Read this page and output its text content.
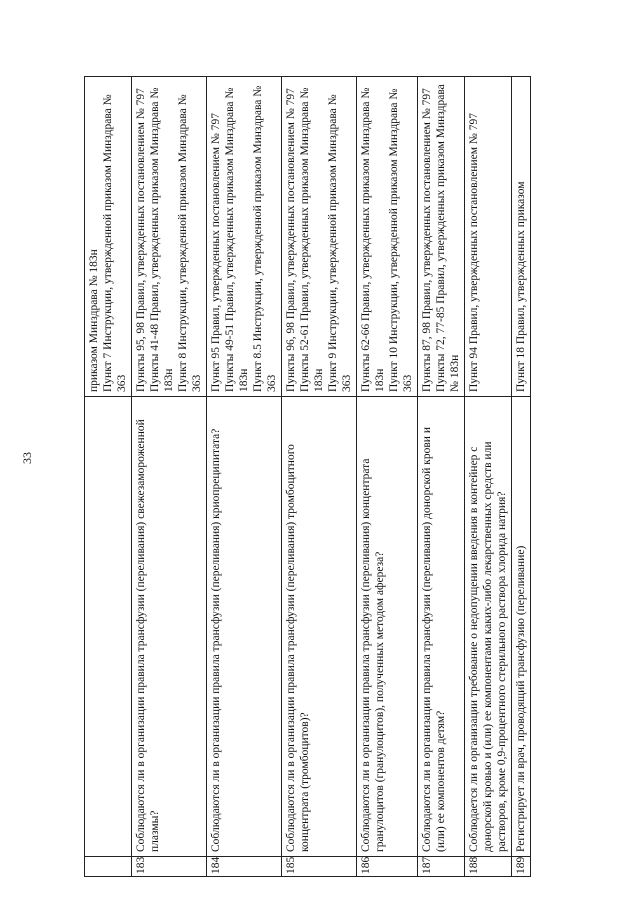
33

		приказом Минздрава № 183н Пункт 7 Инструкции, утвержденной приказом Минздрава № 363

183	Соблюдаются ли в организации правила трансфузии (переливания) свежезамороженной плазмы?	Пункты 95, 98 Правил, утвержденных постановлением № 797 Пункты 41-48 Правил, утвержденных приказом Минздрава № 183н Пункт 8 Инструкции, утвержденной приказом Минздрава № 363

184	Соблюдаются ли в организации правила трансфузии (переливания) криопреципитата?	Пункт 95 Правил, утвержденных постановлением № 797 Пункты 49-51 Правил, утвержденных приказом Минздрава № 183н Пункт 8.5 Инструкции, утвержденной приказом Минздрава № 363

185	Соблюдаются ли в организации правила трансфузии (переливания) тромбоцитного концентрата (тромбоцитов)?	Пункты 96, 98 Правил, утвержденных постановлением № 797 Пункты 52-61 Правил, утвержденных приказом Минздрава № 183н Пункт 9 Инструкции, утвержденной приказом Минздрава № 363

186	Соблюдаются ли в организации правила трансфузии (переливания) концентрата гранулоцитов (гранулоцитов), полученных методом афереза?	Пункты 62-66 Правил, утвержденных приказом Минздрава № 183н Пункт 10 Инструкции, утвержденной приказом Минздрава № 363

187	Соблюдаются ли в организации правила трансфузии (переливания) донорской крови и (или) ее компонентов детям?	Пункты 87, 98 Правил, утвержденных постановлением № 797 Пункты 72, 77-85 Правил, утвержденных приказом Минздрава № 183н

188	Соблюдается ли в организации требование о недопущении введения в контейнер с донорской кровью и (или) ее компонентами каких-либо лекарственных средств или растворов, кроме 0,9-процентного стерильного раствора хлорида натрия?	Пункт 94 Правил, утвержденных постановлением № 797

189	Регистрирует ли врач, проводящий трансфузию (переливание)	Пункт 18 Правил, утвержденных приказом
